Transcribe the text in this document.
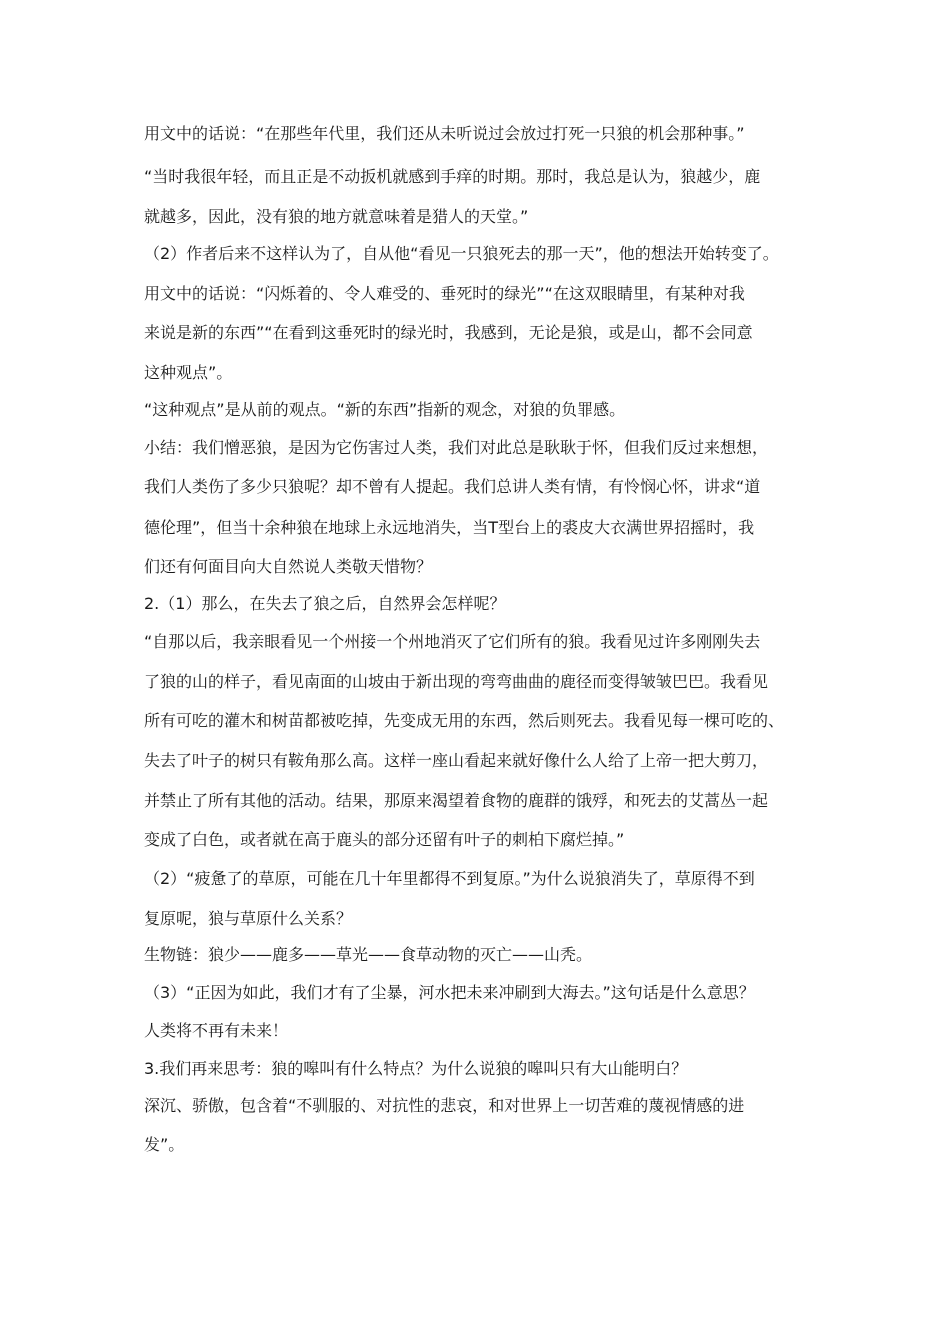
用文中的话说：“在那些年代里，我们还从未听说过会放过打死一只狼的机会那种事。”
“当时我很年轻，而且正是不动扳机就感到手痒的时期。那时，我总是认为，狼越少，鹿
就越多，因此，没有狼的地方就意味着是猎人的天堂。”
（2）作者后来不这样认为了，自从他“看见一只狼死去的那一天”，他的想法开始转变了。
用文中的话说：“闪烁着的、令人难受的、垂死时的绿光”“在这双眼睛里，有某种对我
来说是新的东西”“在看到这垂死时的绿光时，我感到，无论是狼，或是山，都不会同意
这种观点”。
“这种观点”是从前的观点。“新的东西”指新的观念，对狼的负罪感。
小结：我们憎恶狼，是因为它伤害过人类，我们对此总是耿耿于怀，但我们反过来想想，
我们人类伤了多少只狼呢？却不曾有人提起。我们总讲人类有情，有怜悯心怀，讲求“道
德伦理”，但当十余种狼在地球上永远地消失，当T型台上的裘皮大衣满世界招摇时，我
们还有何面目向大自然说人类敬天惜物？
2.（1）那么，在失去了狼之后，自然界会怎样呢？
“自那以后，我亲眼看见一个州接一个州地消灭了它们所有的狼。我看见过许多刚刚失去
了狼的山的样子，看见南面的山坡由于新出现的弯弯曲曲的鹿径而变得皱皱巴巴。我看见
所有可吃的灌木和树苗都被吃掉，先变成无用的东西，然后则死去。我看见每一棵可吃的、
失去了叶子的树只有鞍角那么高。这样一座山看起来就好像什么人给了上帝一把大剪刀，
并禁止了所有其他的活动。结果，那原来渴望着食物的鹿群的饿殍，和死去的艾蒿丛一起
变成了白色，或者就在高于鹿头的部分还留有叶子的刺柏下腐烂掉。”
（2）“疲惫了的草原，可能在几十年里都得不到复原。”为什么说狼消失了，草原得不到
复原呢，狼与草原什么关系？
生物链：狼少——鹿多——草光——食草动物的灭亡——山秃。
（3）“正因为如此，我们才有了尘暴，河水把未来冲刷到大海去。”这句话是什么意思？
人类将不再有未来！
3.我们再来思考：狼的嗥叫有什么特点？为什么说狼的嗥叫只有大山能明白？
深沉、骄傲，包含着“不驯服的、对抗性的悲哀，和对世界上一切苦难的蔑视情感的进
发”。
